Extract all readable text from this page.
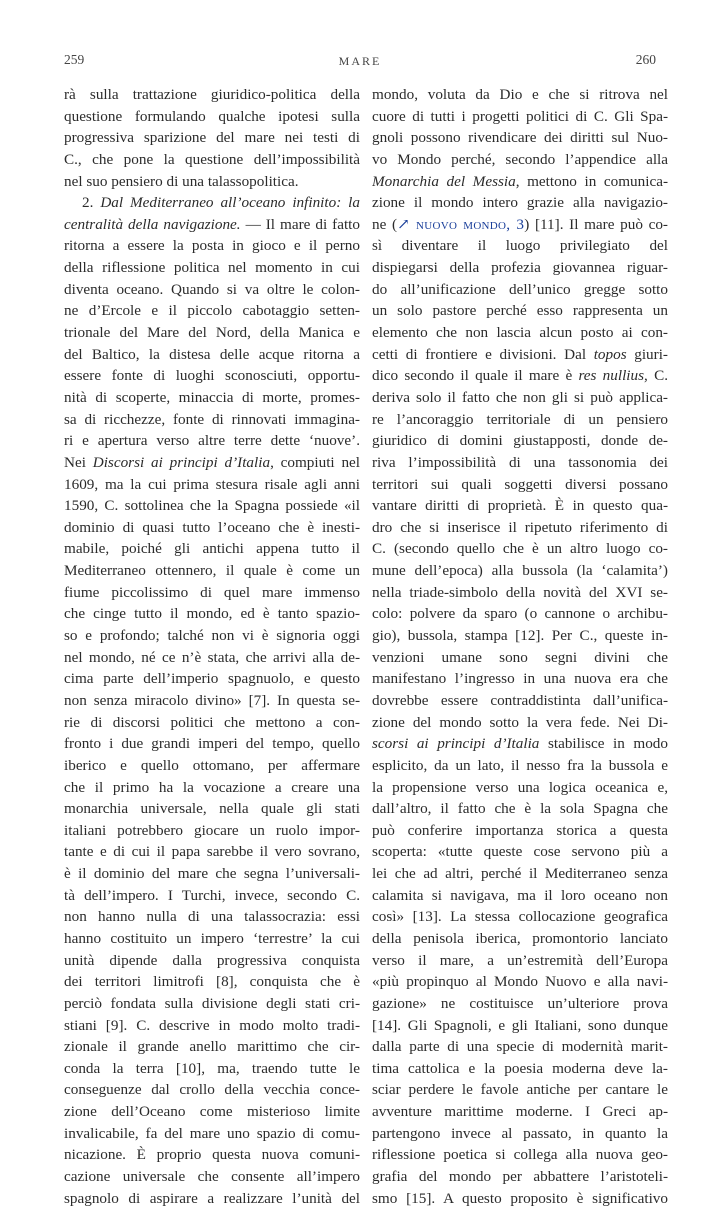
259	MARE	260
rà sulla trattazione giuridico-politica della
questione formulando qualche ipotesi sulla
progressiva sparizione del mare nei testi di
C., che pone la questione dell’impossibilità
nel suo pensiero di una talassopolitica.
2. Dal Mediterraneo all’oceano infinito: la
centralità della navigazione. — Il mare di fatto
ritorna a essere la posta in gioco e il perno
della riflessione politica nel momento in cui
diventa oceano. Quando si va oltre le colon-
ne d’Ercole e il piccolo cabotaggio setten-
trionale del Mare del Nord, della Manica e
del Baltico, la distesa delle acque ritorna a
essere fonte di luoghi sconosciuti, opportu-
nità di scoperte, minaccia di morte, promes-
sa di ricchezze, fonte di rinnovati immagina-
ri e apertura verso altre terre dette ‘nuove’.
Nei Discorsi ai principi d’Italia, compiuti nel
1609, ma la cui prima stesura risale agli anni
1590, C. sottolinea che la Spagna possiede «il
dominio di quasi tutto l’oceano che è inesti-
mabile, poiché gli antichi appena tutto il
Mediterraneo ottennero, il quale è come un
fiume piccolissimo di quel mare immenso
che cinge tutto il mondo, ed è tanto spazio-
so e profondo; talché non vi è signoria oggi
nel mondo, né ce n’è stata, che arrivi alla de-
cima parte dell’imperio spagnuolo, e questo
non senza miracolo divino» [7]. In questa se-
rie di discorsi politici che mettono a con-
fronto i due grandi imperi del tempo, quello
iberico e quello ottomano, per affermare
che il primo ha la vocazione a creare una
monarchia universale, nella quale gli stati
italiani potrebbero giocare un ruolo impor-
tante e di cui il papa sarebbe il vero sovrano,
è il dominio del mare che segna l’universali-
tà dell’impero. I Turchi, invece, secondo C.
non hanno nulla di una talassocrazia: essi
hanno costituito un impero ‘terrestre’ la cui
unità dipende dalla progressiva conquista
dei territori limitrofi [8], conquista che è
perciò fondata sulla divisione degli stati cri-
stiani [9]. C. descrive in modo molto tradi-
zionale il grande anello marittimo che cir-
conda la terra [10], ma, traendo tutte le
conseguenze dal crollo della vecchia conce-
zione dell’Oceano come misterioso limite
invalicabile, fa del mare uno spazio di comu-
nicazione. È proprio questa nuova comuni-
cazione universale che consente all’impero
spagnolo di aspirare a realizzare l’unità del
mondo, voluta da Dio e che si ritrova nel
cuore di tutti i progetti politici di C. Gli Spa-
gnoli possono rivendicare dei diritti sul Nuo-
vo Mondo perché, secondo l’appendice alla
Monarchia del Messia, mettono in comunica-
zione il mondo intero grazie alla navigazio-
ne (↗ nuovo mondo, 3) [11]. Il mare può co-
sì diventare il luogo privilegiato del
dispiegarsi della profezia giovannea riguar-
do all’unificazione dell’unico gregge sotto
un solo pastore perché esso rappresenta un
elemento che non lascia alcun posto ai con-
cetti di frontiere e divisioni. Dal topos giuri-
dico secondo il quale il mare è res nullius, C.
deriva solo il fatto che non gli si può applica-
re l’ancoraggio territoriale di un pensiero
giuridico di domini giustapposti, donde de-
riva l’impossibilità di una tassonomia dei
territori sui quali soggetti diversi possano
vantare diritti di proprietà. È in questo qua-
dro che si inserisce il ripetuto riferimento di
C. (secondo quello che è un altro luogo co-
mune dell’epoca) alla bussola (la ‘calamita’)
nella triade-simbolo della novità del XVI se-
colo: polvere da sparo (o cannone o archibu-
gio), bussola, stampa [12]. Per C., queste in-
venzioni umane sono segni divini che
manifestano l’ingresso in una nuova era che
dovrebbe essere contraddistinta dall’unifica-
zione del mondo sotto la vera fede. Nei Di-
scorsi ai principi d’Italia stabilisce in modo
esplicito, da un lato, il nesso fra la bussola e
la propensione verso una logica oceanica e,
dall’altro, il fatto che è la sola Spagna che
può conferire importanza storica a questa
scoperta: «tutte queste cose servono più a
lei che ad altri, perché il Mediterraneo senza
calamita si navigava, ma il loro oceano non
così» [13]. La stessa collocazione geografica
della penisola iberica, promontorio lanciato
verso il mare, a un’estremità dell’Europa
«più propinquo al Mondo Nuovo e alla navi-
gazione» ne costituisce un’ulteriore prova
[14]. Gli Spagnoli, e gli Italiani, sono dunque
dalla parte di una specie di modernità marit-
tima cattolica e la poesia moderna deve la-
sciar perdere le favole antiche per cantare le
avventure marittime moderne. I Greci ap-
partengono invece al passato, in quanto la
riflessione poetica si collega alla nuova geo-
grafia del mondo per abbattere l’aristoteli-
smo [15]. A questo proposito è significativo
